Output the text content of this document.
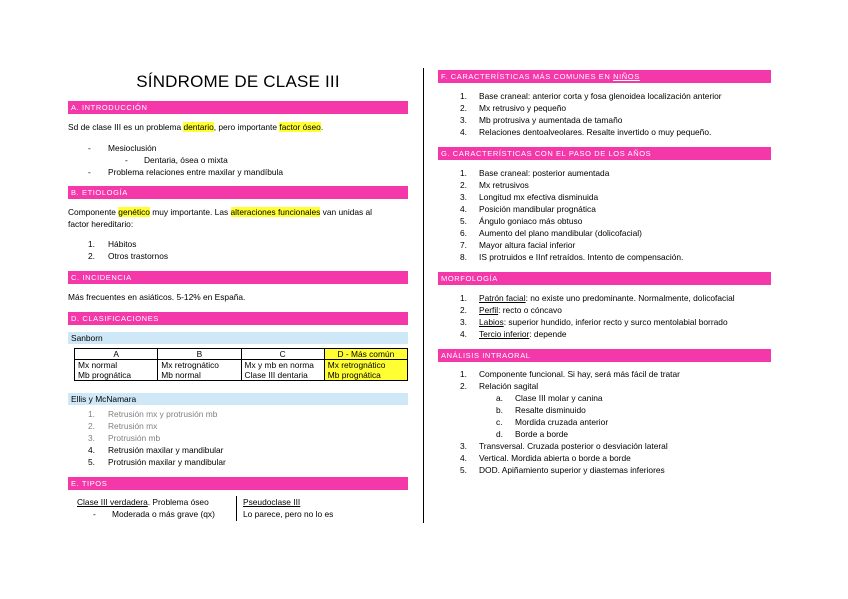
SÍNDROME DE CLASE III
A. INTRODUCCIÓN
Sd de clase III es un problema dentario, pero importante factor óseo.
- Mesioclusión
- Dentaria, ósea o mixta
- Problema relaciones entre maxilar y mandíbula
B. ETIOLOGÍA
Componente genético muy importante. Las alteraciones funcionales van unidas al
factor hereditario:
1. Hábitos
2. Otros trastornos
C. INCIDENCIA
Más frecuentes en asiáticos. 5-12% en España.
D. CLASIFICACIONES
Sanborn
A	B	C	D - Más común
Mx normal	Mx retrognático	Mx y mb en norma	Mx retrognático
Mb prognática	Mb normal	Clase III dentaria	Mb prognática
Ellis y McNamara
1. Retrusión mx y protrusión mb
2. Retrusión mx
3. Protrusión mb
4. Retrusión maxilar y mandibular
5. Protrusión maxilar y mandibular
E. TIPOS
Clase III verdadera. Problema óseo
- Moderada o más grave (qx)
Pseudoclase III
Lo parece, pero no lo es
F. CARACTERÍSTICAS MÁS COMUNES EN NIÑOS
1. Base craneal: anterior corta y fosa glenoidea localización anterior
2. Mx retrusivo y pequeño
3. Mb protrusiva y aumentada de tamaño
4. Relaciones dentoalveolares. Resalte invertido o muy pequeño.
G. CARACTERÍSTICAS CON EL PASO DE LOS AÑOS
1. Base craneal: posterior aumentada
2. Mx retrusivos
3. Longitud mx efectiva disminuida
4. Posición mandibular prognática
5. Ángulo goniaco más obtuso
6. Aumento del plano mandibular (dolicofacial)
7. Mayor altura facial inferior
8. IS protruidos e IInf retraídos. Intento de compensación.
MORFOLOGÍA
1. Patrón facial: no existe uno predominante. Normalmente, dolicofacial
2. Perfil: recto o cóncavo
3. Labios: superior hundido, inferior recto y surco mentolabial borrado
4. Tercio inferior: depende
ANÁLISIS INTRAORAL
1. Componente funcional. Si hay, será más fácil de tratar
2. Relación sagital
a. Clase III molar y canina
b. Resalte disminuido
c. Mordida cruzada anterior
d. Borde a borde
3. Transversal. Cruzada posterior o desviación lateral
4. Vertical. Mordida abierta o borde a borde
5. DOD. Apiñamiento superior y diastemas inferiores
